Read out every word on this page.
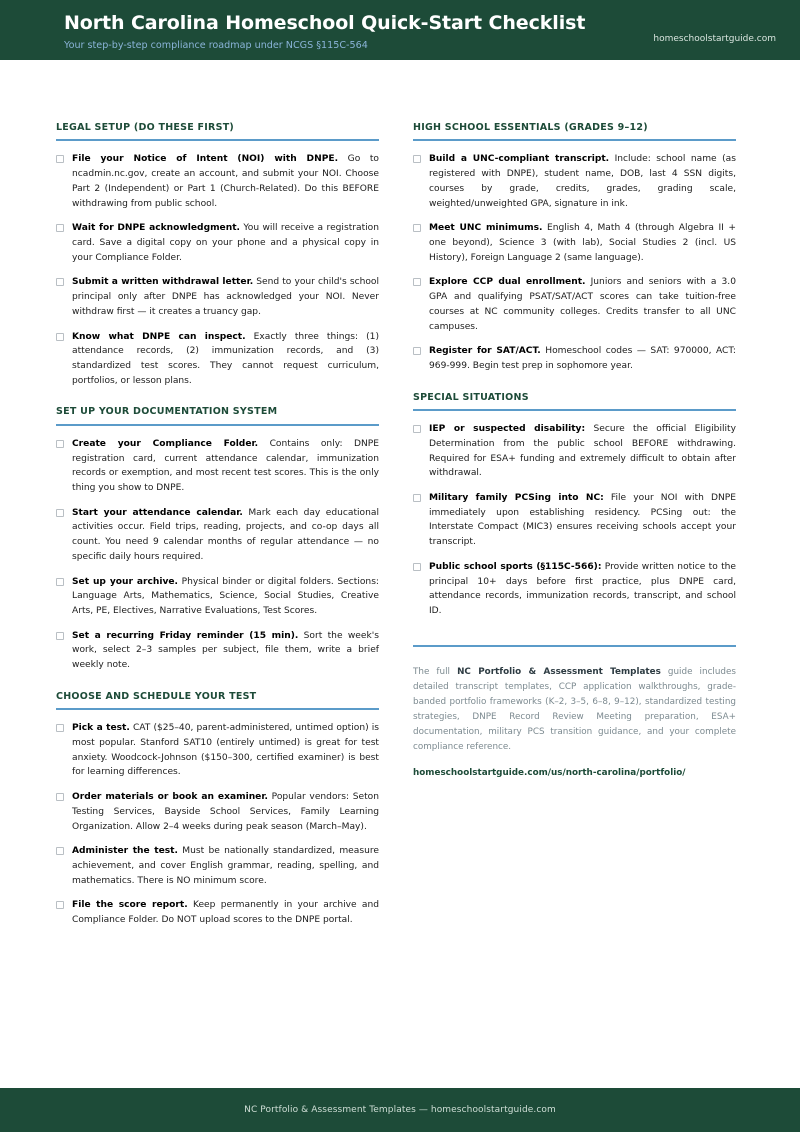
North Carolina Homeschool Quick-Start Checklist
Your step-by-step compliance roadmap under NCGS §115C-564
homeschoolstartguide.com
LEGAL SETUP (DO THESE FIRST)
File your Notice of Intent (NOI) with DNPE. Go to ncadmin.nc.gov, create an account, and submit your NOI. Choose Part 2 (Independent) or Part 1 (Church-Related). Do this BEFORE withdrawing from public school.
Wait for DNPE acknowledgment. You will receive a registration card. Save a digital copy on your phone and a physical copy in your Compliance Folder.
Submit a written withdrawal letter. Send to your child's school principal only after DNPE has acknowledged your NOI. Never withdraw first — it creates a truancy gap.
Know what DNPE can inspect. Exactly three things: (1) attendance records, (2) immunization records, and (3) standardized test scores. They cannot request curriculum, portfolios, or lesson plans.
SET UP YOUR DOCUMENTATION SYSTEM
Create your Compliance Folder. Contains only: DNPE registration card, current attendance calendar, immunization records or exemption, and most recent test scores. This is the only thing you show to DNPE.
Start your attendance calendar. Mark each day educational activities occur. Field trips, reading, projects, and co-op days all count. You need 9 calendar months of regular attendance — no specific daily hours required.
Set up your archive. Physical binder or digital folders. Sections: Language Arts, Mathematics, Science, Social Studies, Creative Arts, PE, Electives, Narrative Evaluations, Test Scores.
Set a recurring Friday reminder (15 min). Sort the week's work, select 2–3 samples per subject, file them, write a brief weekly note.
CHOOSE AND SCHEDULE YOUR TEST
Pick a test. CAT ($25–40, parent-administered, untimed option) is most popular. Stanford SAT10 (entirely untimed) is great for test anxiety. Woodcock-Johnson ($150–300, certified examiner) is best for learning differences.
Order materials or book an examiner. Popular vendors: Seton Testing Services, Bayside School Services, Family Learning Organization. Allow 2–4 weeks during peak season (March–May).
Administer the test. Must be nationally standardized, measure achievement, and cover English grammar, reading, spelling, and mathematics. There is NO minimum score.
File the score report. Keep permanently in your archive and Compliance Folder. Do NOT upload scores to the DNPE portal.
HIGH SCHOOL ESSENTIALS (GRADES 9–12)
Build a UNC-compliant transcript. Include: school name (as registered with DNPE), student name, DOB, last 4 SSN digits, courses by grade, credits, grades, grading scale, weighted/unweighted GPA, signature in ink.
Meet UNC minimums. English 4, Math 4 (through Algebra II + one beyond), Science 3 (with lab), Social Studies 2 (incl. US History), Foreign Language 2 (same language).
Explore CCP dual enrollment. Juniors and seniors with a 3.0 GPA and qualifying PSAT/SAT/ACT scores can take tuition-free courses at NC community colleges. Credits transfer to all UNC campuses.
Register for SAT/ACT. Homeschool codes — SAT: 970000, ACT: 969-999. Begin test prep in sophomore year.
SPECIAL SITUATIONS
IEP or suspected disability: Secure the official Eligibility Determination from the public school BEFORE withdrawing. Required for ESA+ funding and extremely difficult to obtain after withdrawal.
Military family PCSing into NC: File your NOI with DNPE immediately upon establishing residency. PCSing out: the Interstate Compact (MIC3) ensures receiving schools accept your transcript.
Public school sports (§115C-566): Provide written notice to the principal 10+ days before first practice, plus DNPE card, attendance records, immunization records, transcript, and school ID.

The full NC Portfolio & Assessment Templates guide includes detailed transcript templates, CCP application walkthroughs, grade-banded portfolio frameworks (K–2, 3–5, 6–8, 9–12), standardized testing strategies, DNPE Record Review Meeting preparation, ESA+ documentation, military PCS transition guidance, and your complete compliance reference.

homeschoolstartguide.com/us/north-carolina/portfolio/
NC Portfolio & Assessment Templates — homeschoolstartguide.com
